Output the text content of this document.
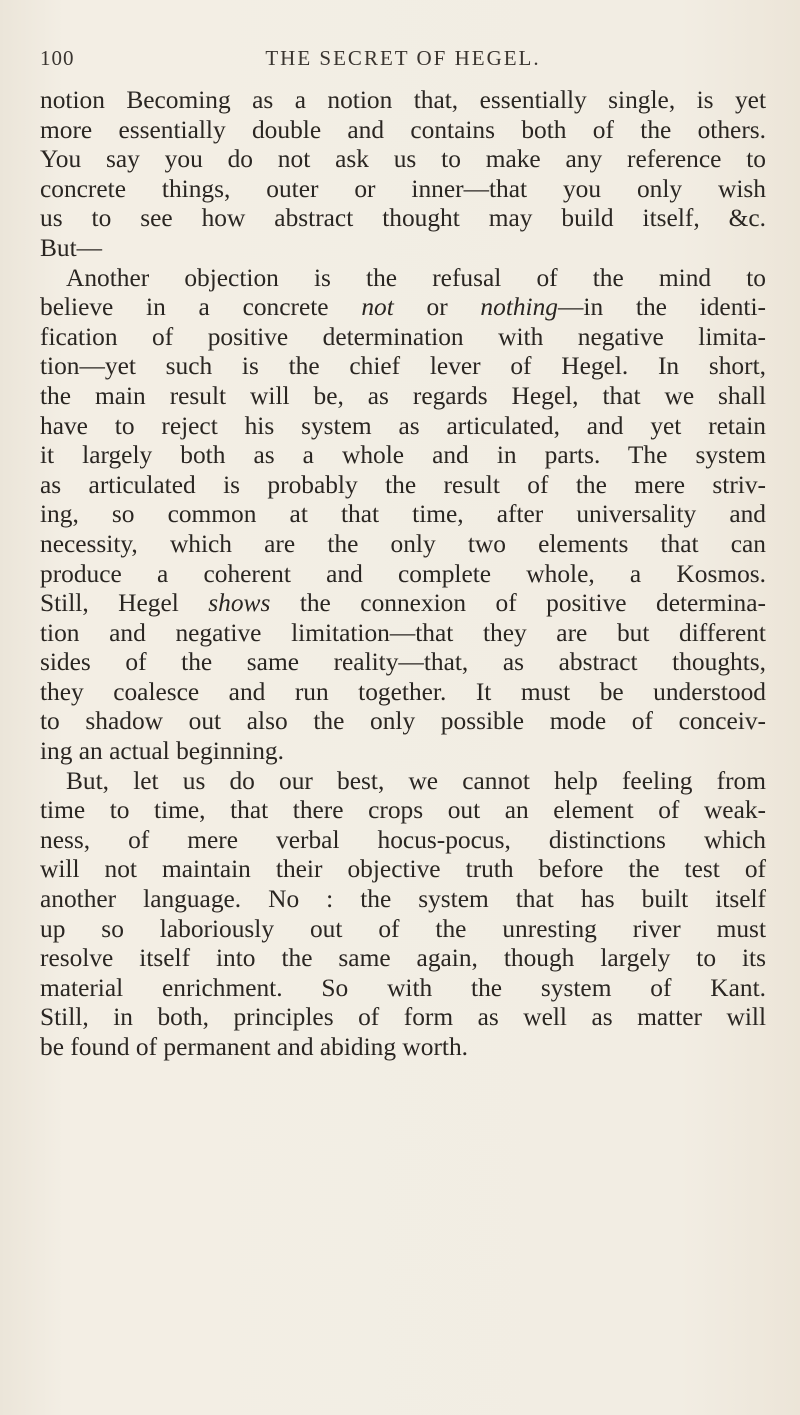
100	THE SECRET OF HEGEL.
notion Becoming as a notion that, essentially single, is yet
more essentially double and contains both of the others.
You say you do not ask us to make any reference to
concrete things, outer or inner—that you only wish
us to see how abstract thought may build itself, &c.
But—
Another objection is the refusal of the mind to
believe in a concrete not or nothing—in the identi-
fication of positive determination with negative limita-
tion—yet such is the chief lever of Hegel. In short,
the main result will be, as regards Hegel, that we shall
have to reject his system as articulated, and yet retain
it largely both as a whole and in parts. The system
as articulated is probably the result of the mere striv-
ing, so common at that time, after universality and
necessity, which are the only two elements that can
produce a coherent and complete whole, a Kosmos.
Still, Hegel shows the connexion of positive determina-
tion and negative limitation—that they are but different
sides of the same reality—that, as abstract thoughts,
they coalesce and run together. It must be understood
to shadow out also the only possible mode of conceiv-
ing an actual beginning.
But, let us do our best, we cannot help feeling from
time to time, that there crops out an element of weak-
ness, of mere verbal hocus-pocus, distinctions which
will not maintain their objective truth before the test of
another language. No : the system that has built itself
up so laboriously out of the unresting river must
resolve itself into the same again, though largely to its
material enrichment. So with the system of Kant.
Still, in both, principles of form as well as matter will
be found of permanent and abiding worth.
